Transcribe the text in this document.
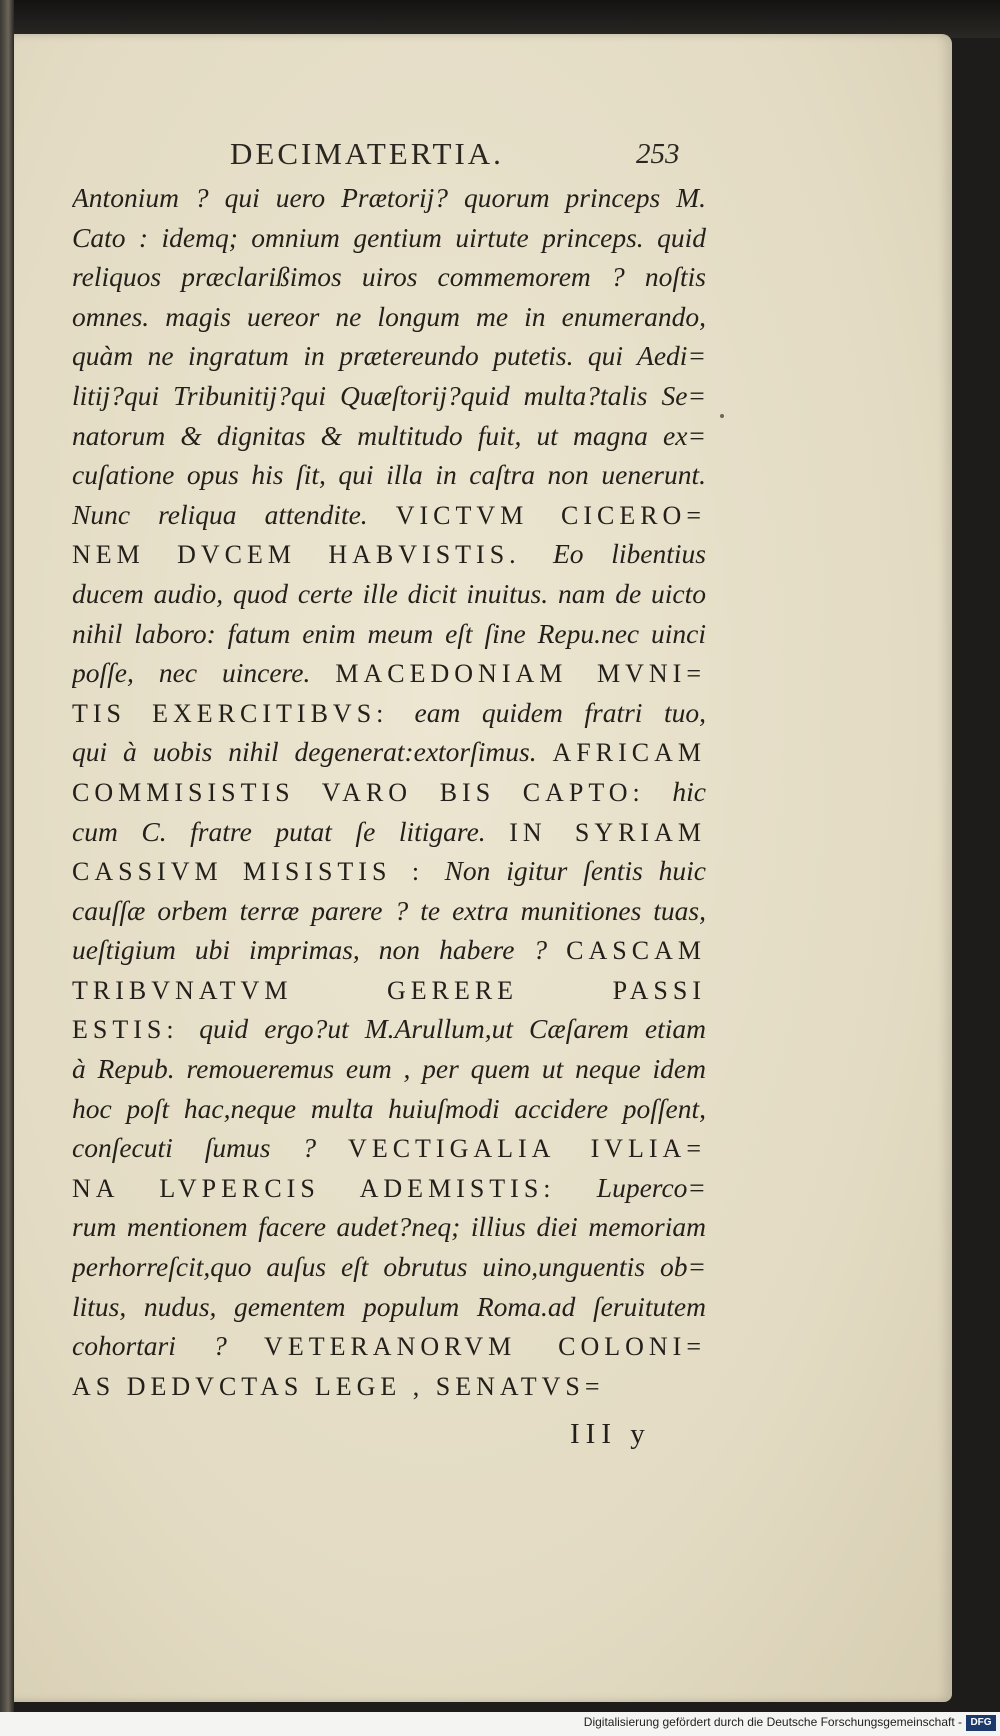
DECIMATERTIA.	253
Antonium ? qui uero Prætorij? quorum princeps M.
Cato : idemq; omnium gentium uirtute princeps. quid
reliquos præclarißimos uiros commemorem ? noſtis
omnes. magis uereor ne longum me in enumerando,
quàm ne ingratum in prætereundo putetis. qui Aedi=
litij?qui Tribunitij?qui Quæſtorij?quid multa?talis Se=
natorum & dignitas & multitudo fuit, ut magna ex=
cuſatione opus his ſit, qui illa in caſtra non uenerunt.
Nunc reliqua attendite. VICTVM CICERO=
NEM DVCEM HABVISTIS. Eo libentius
ducem audio, quod certe ille dicit inuitus. nam de uicto
nihil laboro: fatum enim meum eſt ſine Repu.nec uinci
poſſe, nec uincere. MACEDONIAM MVNI=
TIS EXERCITIBVS: eam quidem fratri tuo,
qui à uobis nihil degenerat:extorſimus. AFRICAM
COMMISISTIS VARO BIS CAPTO: hic
cum C. fratre putat ſe litigare. IN SYRIAM
CASSIVM MISISTIS : Non igitur ſentis huic
cauſſæ orbem terræ parere ? te extra munitiones tuas,
ueſtigium ubi imprimas, non habere ? CASCAM
TRIBVNATVM GERERE PASSI
ESTIS: quid ergo?ut M.Arullum,ut Cæſarem etiam
à Repub. remoueremus eum , per quem ut neque idem
hoc poſt hac,neque multa huiuſmodi accidere poſſent,
conſecuti ſumus ? VECTIGALIA IVLIA=
NA LVPERCIS ADEMISTIS: Luperco=
rum mentionem facere audet?neq; illius diei memoriam
perhorreſcit,quo auſus eſt obrutus uino,unguentis ob=
litus, nudus, gementem populum Roma.ad ſeruitutem
cohortari ? VETERANORVM COLONI=
AS DEDVCTAS LEGE , SENATVS=
III y
Digitalisierung gefördert durch die Deutsche Forschungsgemeinschaft - DFG
